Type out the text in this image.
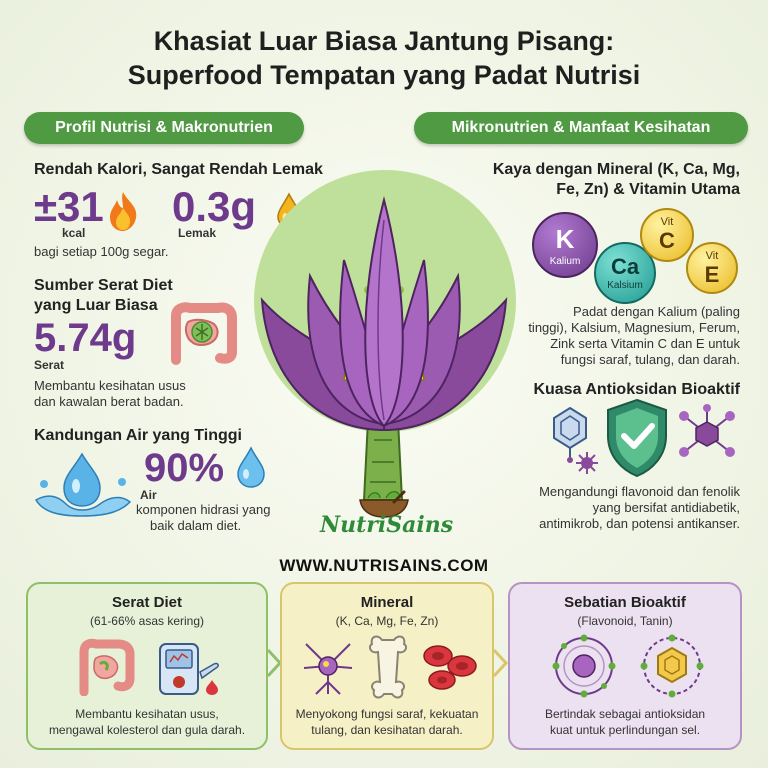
Khasiat Luar Biasa Jantung Pisang:
Superfood Tempatan yang Padat Nutrisi
Profil Nutrisi & Makronutrien	Mikronutrien & Manfaat Kesihatan
Rendah Kalori, Sangat Rendah Lemak
±31
kcal
0.3g
Lemak
bagi setiap 100g segar.
Sumber Serat Diet
yang Luar Biasa
5.74g
Serat
Membantu kesihatan usus
dan kawalan berat badan.
Kandungan Air yang Tinggi
90%
Air
komponen hidrasi yang
baik dalam diet.	NutriSains
WWW.NUTRISAINS.COM
Kaya dengan Mineral (K, Ca, Mg,
Fe, Zn) & Vitamin Utama
K
Kalium	Ca
Kalsium
Vit
C
Vit
E
Padat dengan Kalium (paling
tinggi), Kalsium, Magnesium, Ferum,
Zink serta Vitamin C dan E untuk
fungsi saraf, tulang, dan darah.
Kuasa Antioksidan Bioaktif
Mengandungi flavonoid dan fenolik
yang bersifat antidiabetik,
antimikrob, dan potensi antikanser.
Serat Diet
(61-66% asas kering)
Membantu kesihatan usus,
mengawal kolesterol dan gula darah.
Mineral
(K, Ca, Mg, Fe, Zn)
Menyokong fungsi saraf, kekuatan
tulang, dan kesihatan darah.
Sebatian Bioaktif
(Flavonoid, Tanin)
Bertindak sebagai antioksidan
kuat untuk perlindungan sel.
